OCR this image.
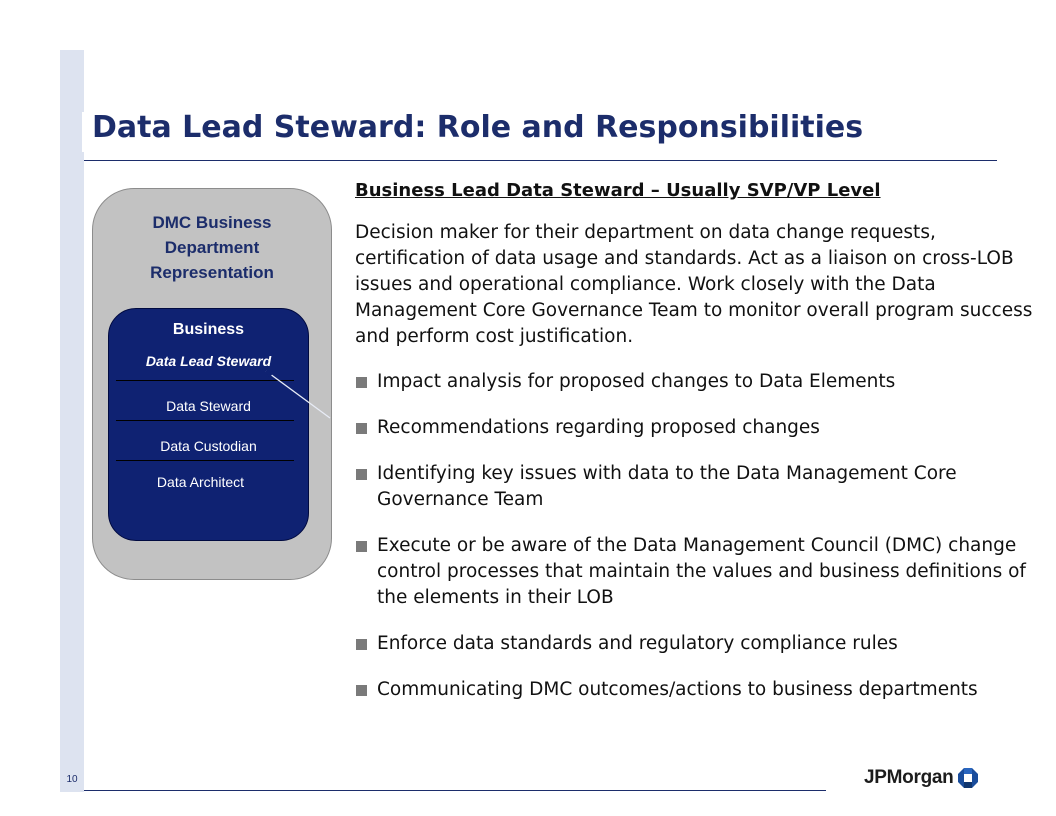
Data Lead Steward: Role and Responsibilities
DMC Business
Department
Representation
Business
Data Lead Steward
Data Steward
Data Custodian
Data Architect
Business Lead Data Steward – Usually SVP/VP Level

Decision maker for their department on data change requests, certification of data usage and standards. Act as a liaison on cross-LOB issues and operational compliance. Work closely with the Data Management Core Governance Team to monitor overall program success and perform cost justification.

Impact analysis for proposed changes to Data Elements
Recommendations regarding proposed changes
Identifying key issues with data to the Data Management Core Governance Team
Execute or be aware of the Data Management Council (DMC) change control processes that maintain the values and business definitions of the elements in their LOB
Enforce data standards and regulatory compliance rules
Communicating DMC outcomes/actions to business departments
10	JPMorgan
